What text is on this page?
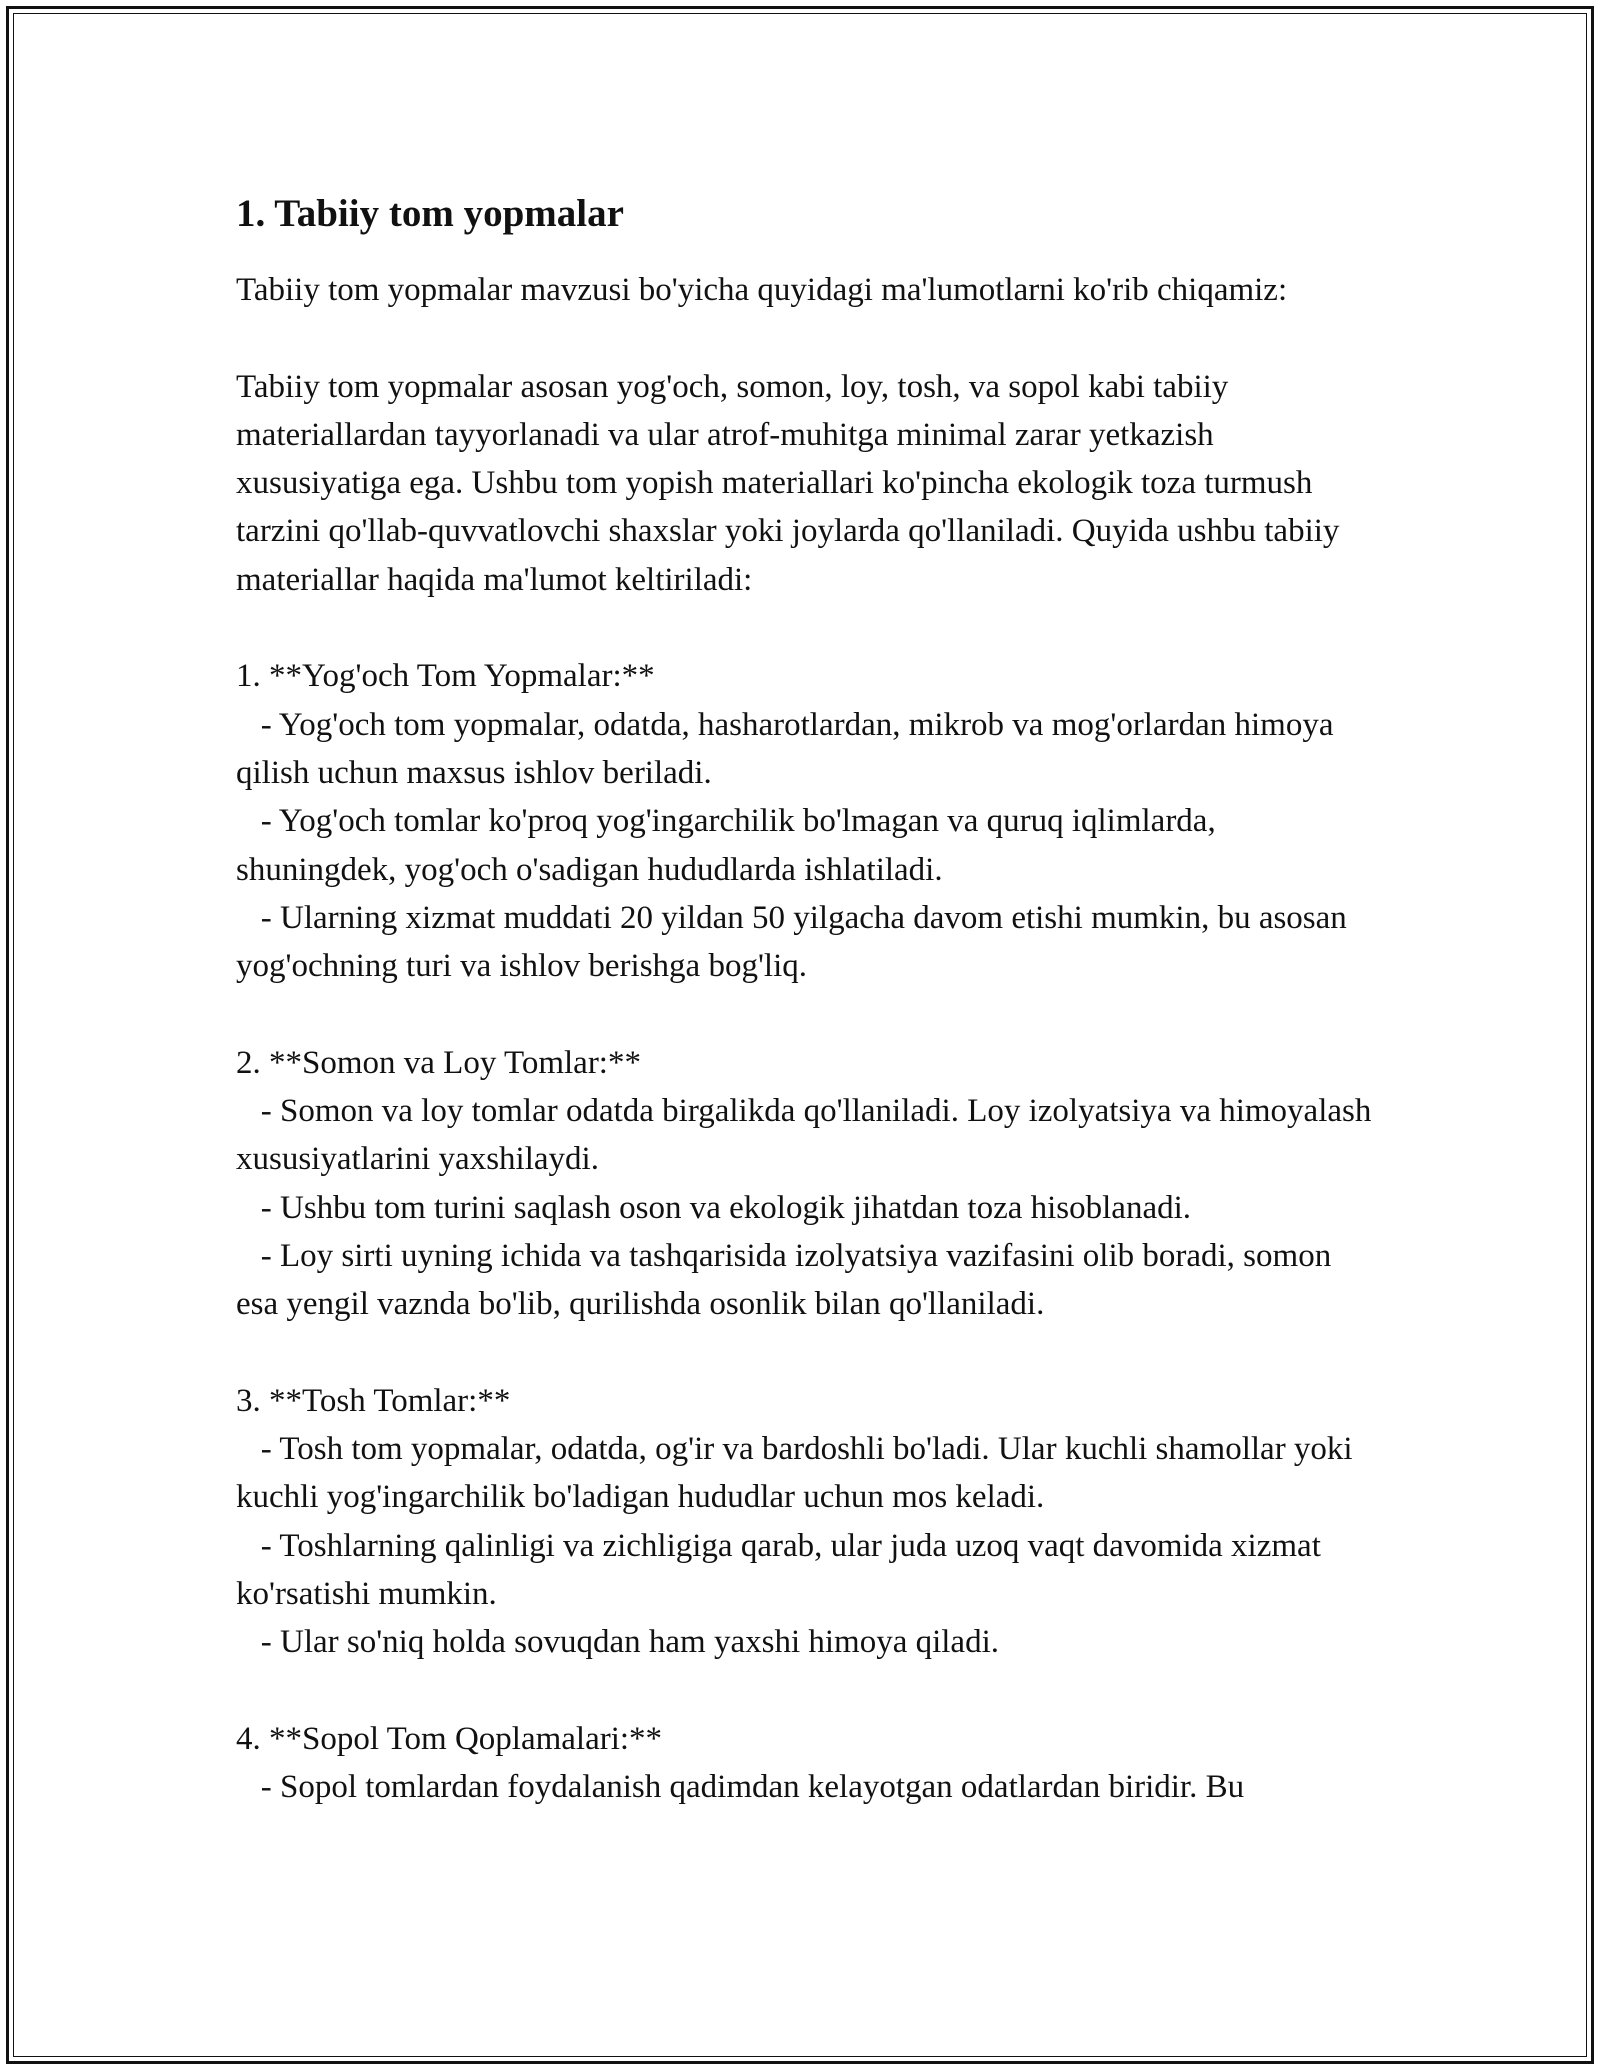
1. Tabiiy tom yopmalar

Tabiiy tom yopmalar mavzusi bo'yicha quyidagi ma'lumotlarni ko'rib chiqamiz:

Tabiiy tom yopmalar asosan yog'och, somon, loy, tosh, va sopol kabi tabiiy materiallardan tayyorlanadi va ular atrof-muhitga minimal zarar yetkazish xususiyatiga ega. Ushbu tom yopish materiallari ko'pincha ekologik toza turmush tarzini qo'llab-quvvatlovchi shaxslar yoki joylarda qo'llaniladi. Quyida ushbu tabiiy materiallar haqida ma'lumot keltiriladi:

1. **Yog'och Tom Yopmalar:**
- Yog'och tom yopmalar, odatda, hasharotlardan, mikrob va mog'orlardan himoya qilish uchun maxsus ishlov beriladi.
- Yog'och tomlar ko'proq yog'ingarchilik bo'lmagan va quruq iqlimlarda, shuningdek, yog'och o'sadigan hududlarda ishlatiladi.
- Ularning xizmat muddati 20 yildan 50 yilgacha davom etishi mumkin, bu asosan yog'ochning turi va ishlov berishga bog'liq.

2. **Somon va Loy Tomlar:**
- Somon va loy tomlar odatda birgalikda qo'llaniladi. Loy izolyatsiya va himoyalash xususiyatlarini yaxshilaydi.
- Ushbu tom turini saqlash oson va ekologik jihatdan toza hisoblanadi.
- Loy sirti uyning ichida va tashqarisida izolyatsiya vazifasini olib boradi, somon esa yengil vaznda bo'lib, qurilishda osonlik bilan qo'llaniladi.

3. **Tosh Tomlar:**
- Tosh tom yopmalar, odatda, og'ir va bardoshli bo'ladi. Ular kuchli shamollar yoki kuchli yog'ingarchilik bo'ladigan hududlar uchun mos keladi.
- Toshlarning qalinligi va zichligiga qarab, ular juda uzoq vaqt davomida xizmat ko'rsatishi mumkin.
- Ular so'niq holda sovuqdan ham yaxshi himoya qiladi.

4. **Sopol Tom Qoplamalari:**
- Sopol tomlardan foydalanish qadimdan kelayotgan odatlardan biridir. Bu
